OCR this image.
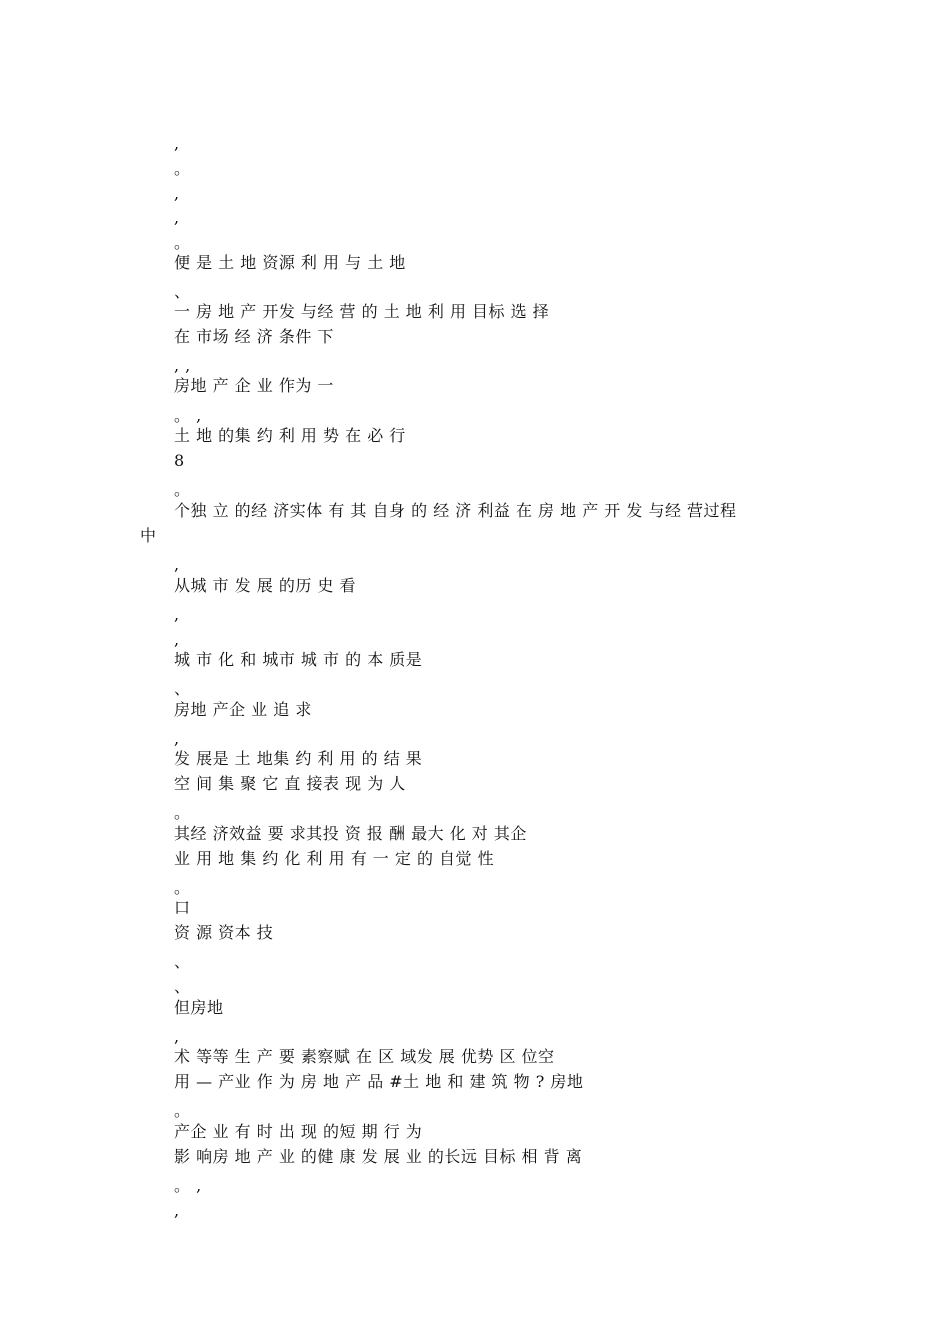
,
。
,
,
。
便 是 土 地 资源 利 用 与 土 地
、
一 房 地 产 开发 与经 营 的 土 地 利 用 目标 选 择
在 市场 经 济 条件 下
, ,
房地 产 企 业 作为 一
。 ,
土 地 的集 约 利 用 势 在 必 行
8
。
个独 立 的经 济实体 有 其 自身 的 经 济 利益 在 房 地 产 开 发 与经 营过程
中
,
从城 市 发 展 的历 史 看
,
,
城 市 化 和 城市 城 市 的 本 质是
、
房地 产企 业 追 求
,
发 展是 土 地集 约 利 用 的 结 果
空 间 集 聚 它 直 接表 现 为 人
。
其经 济效益 要 求其投 资 报 酬 最大 化 对 其企
业 用 地 集 约 化 利 用 有 一 定 的 自觉 性
。
口
资 源 资本 技
、
、
但房地
,
术 等等 生 产 要 素察赋 在 区 域发 展 优势 区 位空
用 — 产业 作 为 房 地 产 品 #土 地 和 建 筑 物 ? 房地
。
产企 业 有 时 出 现 的短 期 行 为
影 响房 地 产 业 的健 康 发 展 业 的长远 目标 相 背 离
。 ,
,
